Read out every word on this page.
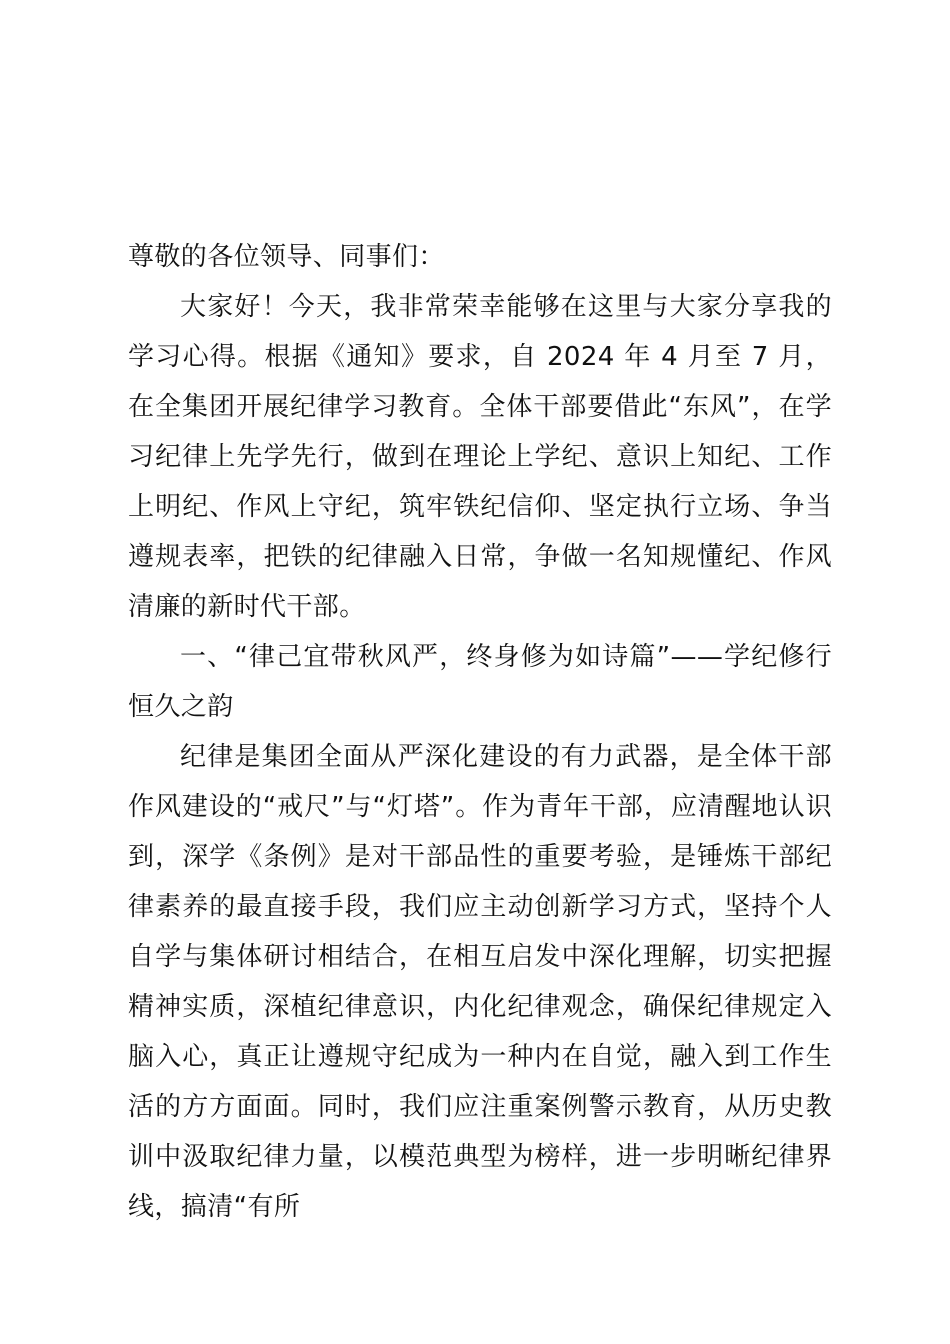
尊敬的各位领导、同事们：

大家好！今天，我非常荣幸能够在这里与大家分享我的学习心得。根据《通知》要求，自 2024 年 4 月至 7 月，在全集团开展纪律学习教育。全体干部要借此“东风”，在学习纪律上先学先行，做到在理论上学纪、意识上知纪、工作上明纪、作风上守纪，筑牢铁纪信仰、坚定执行立场、争当遵规表率，把铁的纪律融入日常，争做一名知规懂纪、作风清廉的新时代干部。

一、“律己宜带秋风严，终身修为如诗篇”——学纪修行恒久之韵

纪律是集团全面从严深化建设的有力武器，是全体干部作风建设的“戒尺”与“灯塔”。作为青年干部，应清醒地认识到，深学《条例》是对干部品性的重要考验，是锤炼干部纪律素养的最直接手段，我们应主动创新学习方式，坚持个人自学与集体研讨相结合，在相互启发中深化理解，切实把握精神实质，深植纪律意识，内化纪律观念，确保纪律规定入脑入心，真正让遵规守纪成为一种内在自觉，融入到工作生活的方方面面。同时，我们应注重案例警示教育，从历史教训中汲取纪律力量，以模范典型为榜样，进一步明晰纪律界线，搞清“有所
